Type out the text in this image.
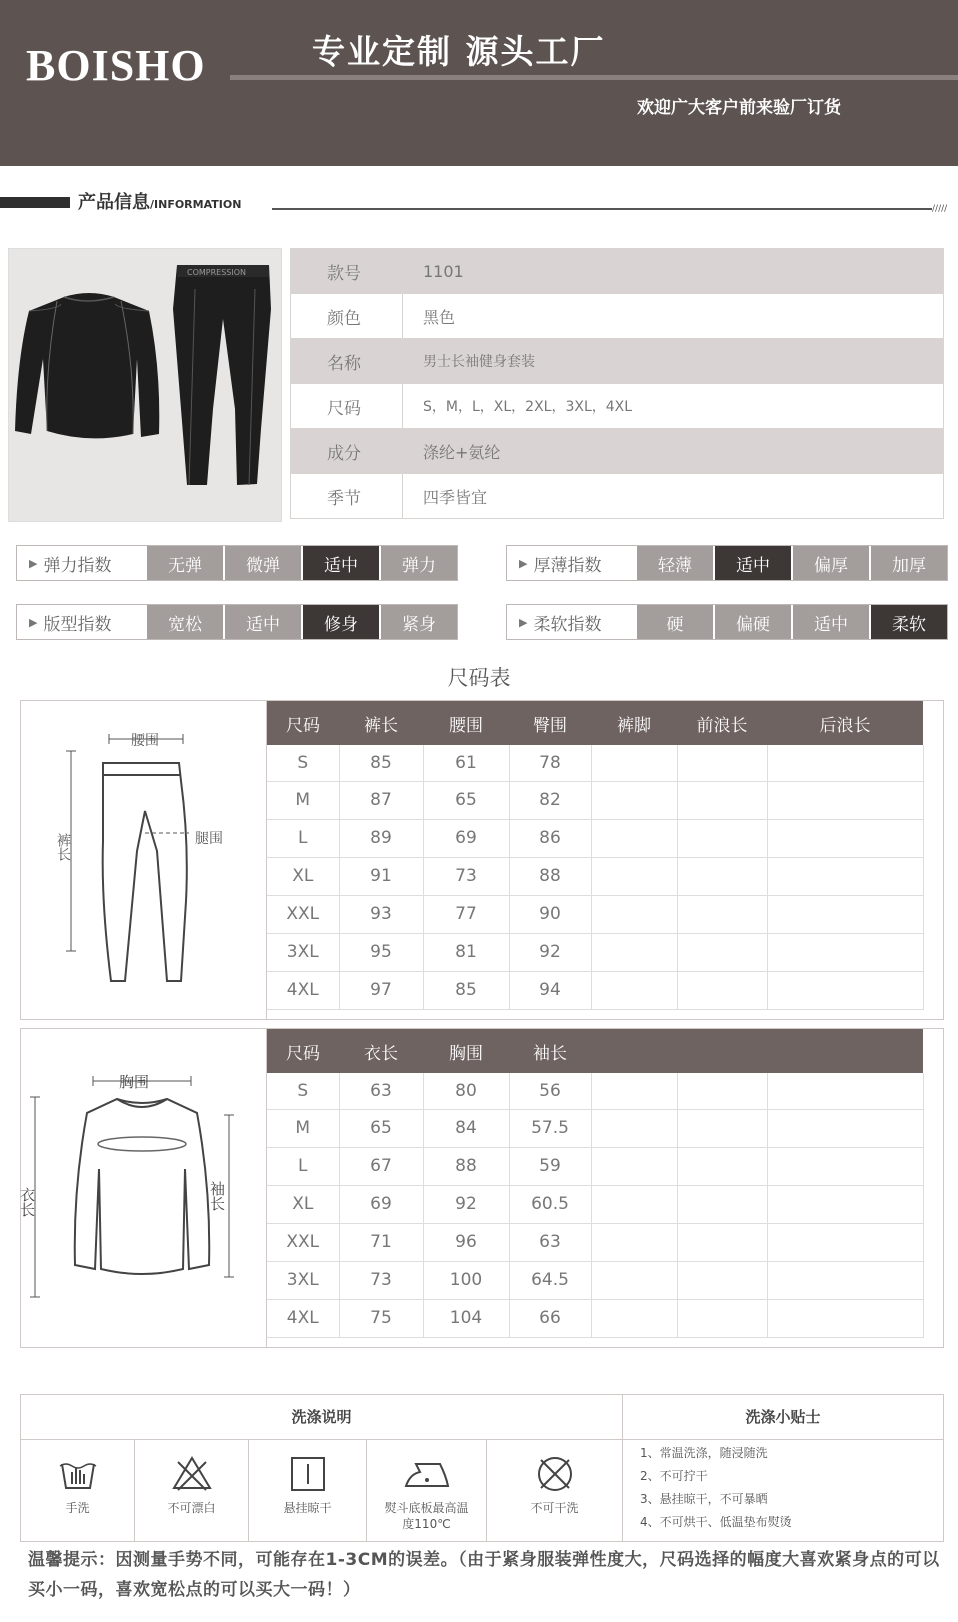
BOISHO	专业定制 源头工厂
欢迎广大客户前来验厂订货
产品信息/INFORMATION	/////
COMPRESSION	款号	1101
颜色	黑色
名称	男士长袖健身套装
尺码	S，M，L，XL，2XL，3XL，4XL
成分	涤纶+氨纶
季节	四季皆宜
▶ 弹力指数	无弹	微弹	适中	弹力	▶ 厚薄指数	轻薄	适中	偏厚	加厚
▶ 版型指数	宽松	适中	修身	紧身	▶ 柔软指数	硬	偏硬	适中	柔软
尺码表
腰围
裤长	腿围
尺码	裤长	腰围	臀围	裤脚	前浪长	后浪长
S	85	61	78			
M	87	65	82			
L	89	69	86			
XL	91	73	88			
XXL	93	77	90			
3XL	95	81	92			
4XL	97	85	94			
胸围
衣长	袖长
尺码	衣长	胸围	袖长			
S	63	80	56			
M	65	84	57.5			
L	67	88	59			
XL	69	92	60.5			
XXL	71	96	63			
3XL	73	100	64.5			
4XL	75	104	66			
洗涤说明	洗涤小贴士
手洗	不可漂白	悬挂晾干	熨斗底板最高温度110℃
不可干洗
1、常温洗涤，随浸随洗
2、不可拧干
3、悬挂晾干，不可暴晒
4、不可烘干、低温垫布熨烫
温馨提示：因测量手势不同，可能存在1-3CM的误差。（由于紧身服装弹性度大，尺码选择的幅度大喜欢紧身点的可以买小一码，喜欢宽松点的可以买大一码！）
